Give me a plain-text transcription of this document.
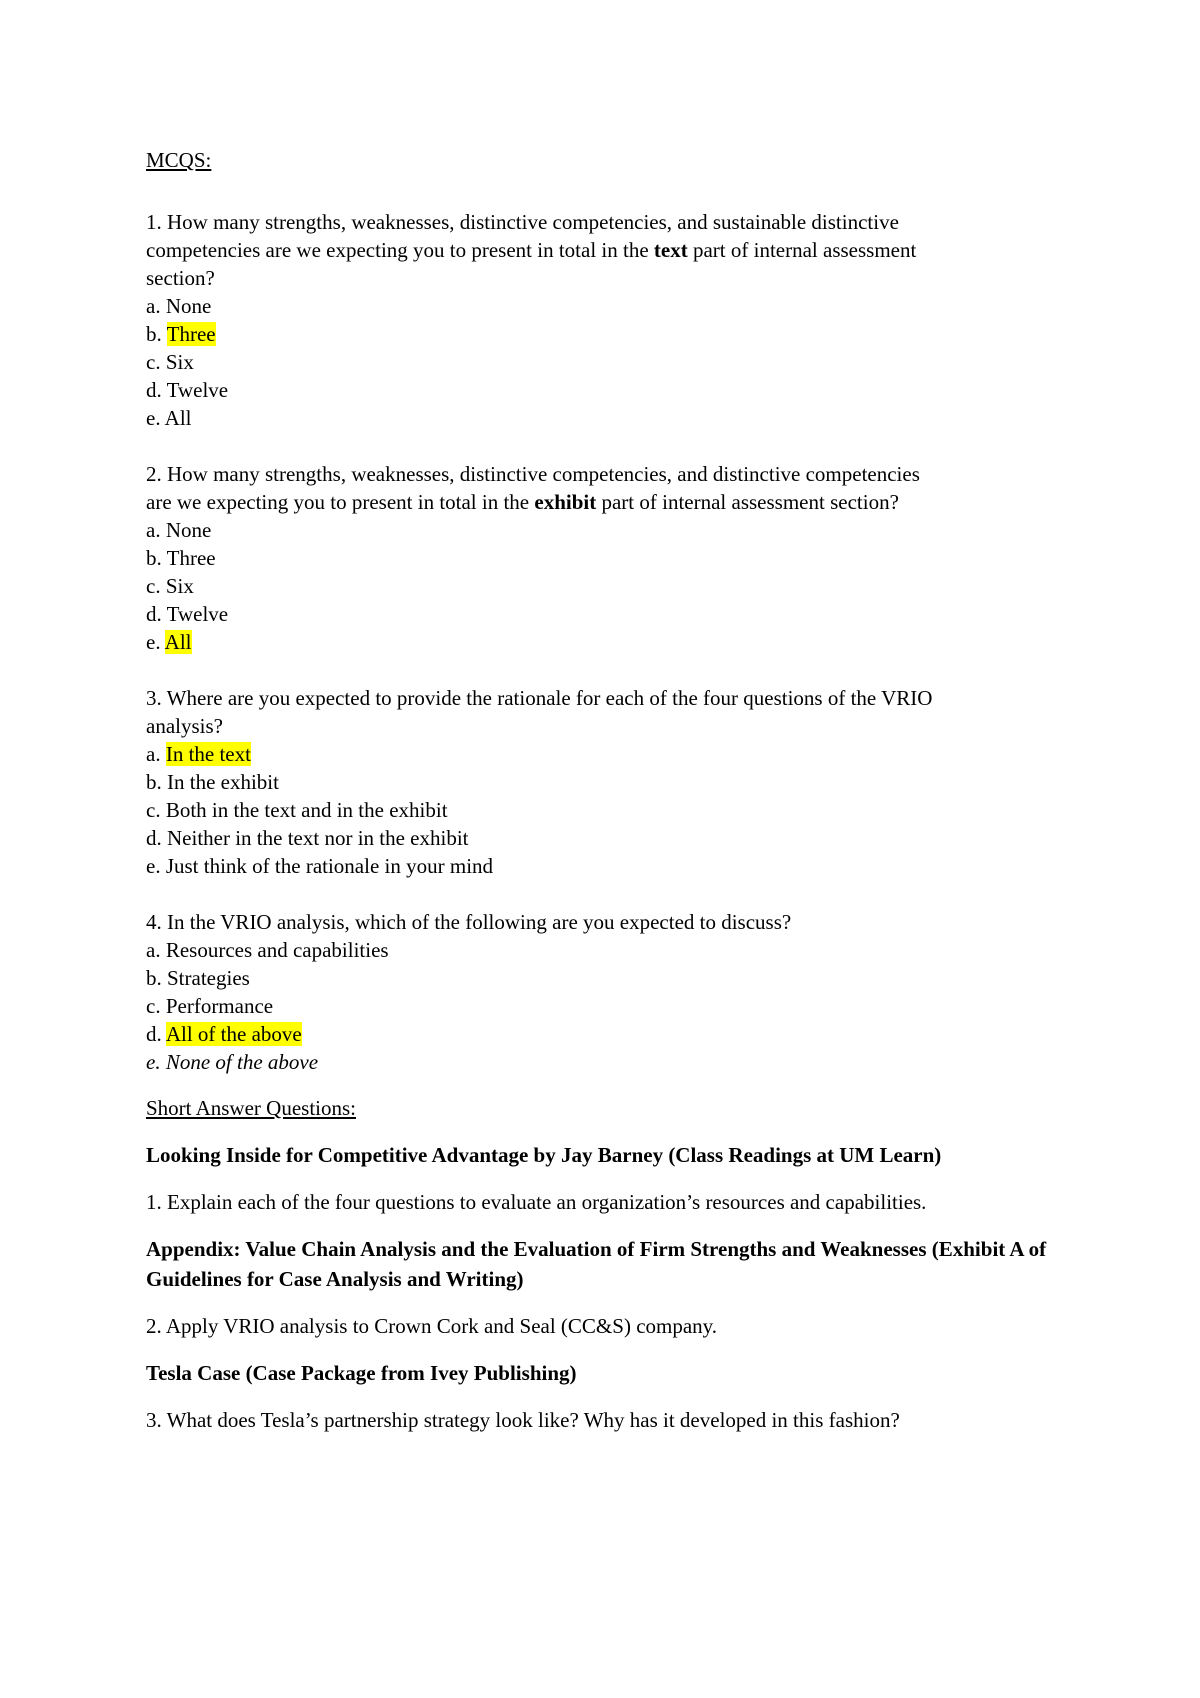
MCQS:

1. How many strengths, weaknesses, distinctive competencies, and sustainable distinctive

competencies are we expecting you to present in total in the text part of internal assessment

section?

a. None

b. Three

c. Six

d. Twelve

e. All

2. How many strengths, weaknesses, distinctive competencies, and distinctive competencies

are we expecting you to present in total in the exhibit part of internal assessment section?

a. None

b. Three

c. Six

d. Twelve

e. All

3. Where are you expected to provide the rationale for each of the four questions of the VRIO

analysis?

a. In the text

b. In the exhibit

c. Both in the text and in the exhibit

d. Neither in the text nor in the exhibit

e. Just think of the rationale in your mind

4. In the VRIO analysis, which of the following are you expected to discuss?

a. Resources and capabilities

b. Strategies

c. Performance

d. All of the above

e. None of the above

Short Answer Questions:

Looking Inside for Competitive Advantage by Jay Barney (Class Readings at UM Learn)

1. Explain each of the four questions to evaluate an organization’s resources and capabilities.

Appendix: Value Chain Analysis and the Evaluation of Firm Strengths and Weaknesses (Exhibit A of Guidelines for Case Analysis and Writing)

2. Apply VRIO analysis to Crown Cork and Seal (CC&S) company.

Tesla Case (Case Package from Ivey Publishing)

3. What does Tesla’s partnership strategy look like? Why has it developed in this fashion?
